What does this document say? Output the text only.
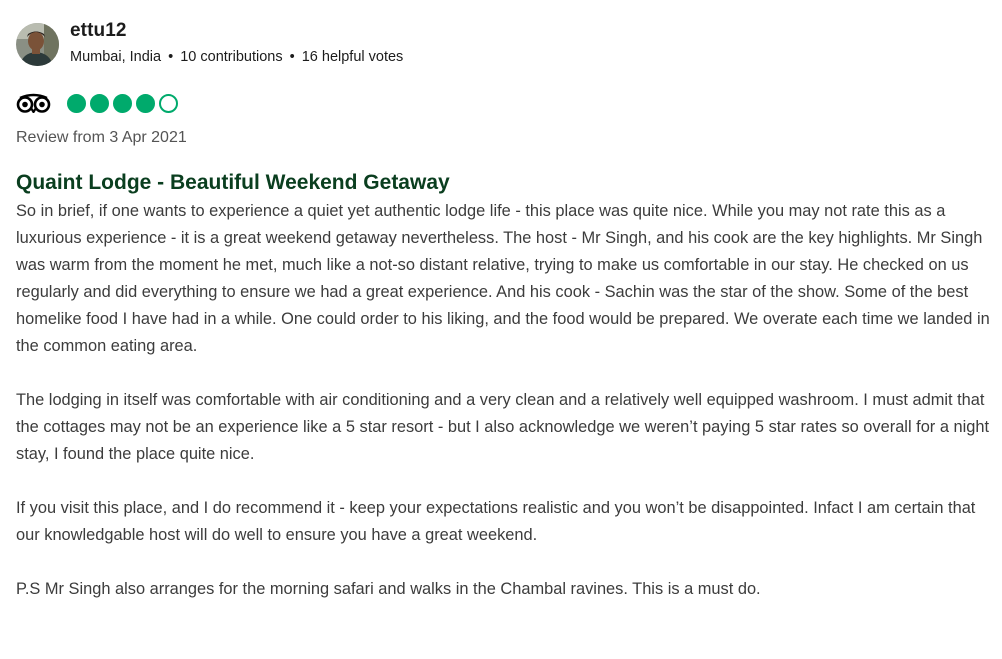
ettu12
Mumbai, India • 10 contributions • 16 helpful votes
Review from 3 Apr 2021
Quaint Lodge - Beautiful Weekend Getaway

So in brief, if one wants to experience a quiet yet authentic lodge life - this place was quite nice. While you may not rate this as a luxurious experience - it is a great weekend getaway nevertheless. The host - Mr Singh, and his cook are the key highlights. Mr Singh was warm from the moment he met, much like a not-so distant relative, trying to make us comfortable in our stay. He checked on us regularly and did everything to ensure we had a great experience. And his cook - Sachin was the star of the show. Some of the best homelike food I have had in a while. One could order to his liking, and the food would be prepared. We overate each time we landed in the common eating area.

The lodging in itself was comfortable with air conditioning and a very clean and a relatively well equipped washroom. I must admit that the cottages may not be an experience like a 5 star resort - but I also acknowledge we weren’t paying 5 star rates so overall for a night stay, I found the place quite nice.

If you visit this place, and I do recommend it - keep your expectations realistic and you won’t be disappointed. Infact I am certain that our knowledgable host will do well to ensure you have a great weekend.

P.S Mr Singh also arranges for the morning safari and walks in the Chambal ravines. This is a must do.
